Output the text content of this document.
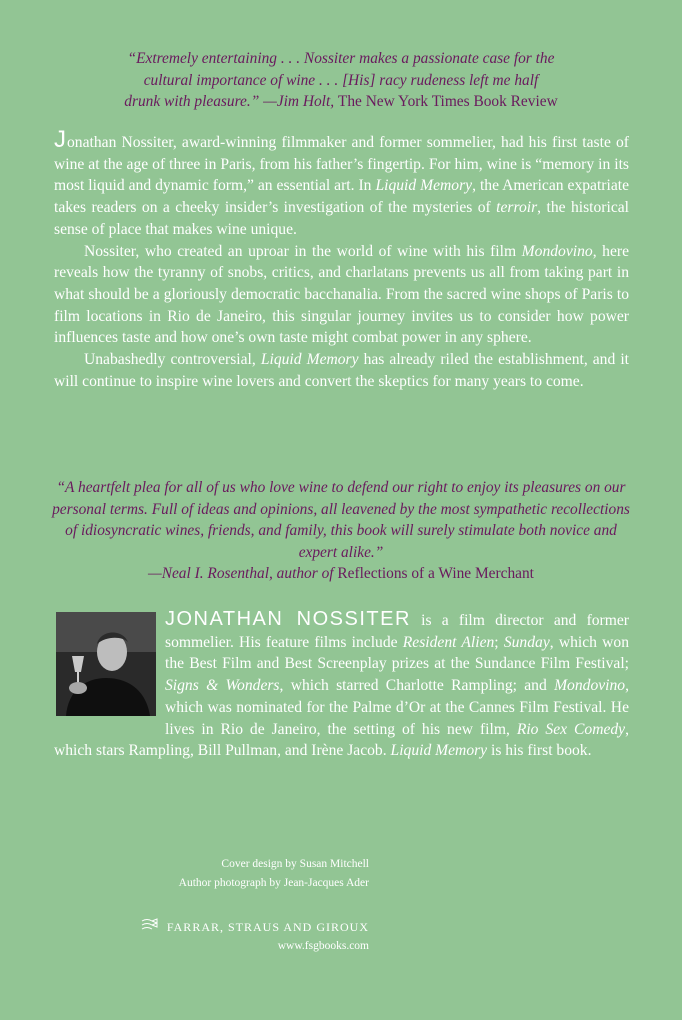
“Extremely entertaining . . . Nossiter makes a passionate case for the
cultural importance of wine . . . [His] racy rudeness left me half
drunk with pleasure.” —Jim Holt, The New York Times Book Review

Jonathan Nossiter, award-winning filmmaker and former sommelier, had his first taste of wine at the age of three in Paris, from his father’s fingertip. For him, wine is “memory in its most liquid and dynamic form,” an essential art. In Liquid Memory, the American expatriate takes readers on a cheeky insider’s investigation of the mysteries of terroir, the historical sense of place that makes wine unique.

Nossiter, who created an uproar in the world of wine with his film Mondovino, here reveals how the tyranny of snobs, critics, and charlatans prevents us all from taking part in what should be a gloriously democratic bacchanalia. From the sacred wine shops of Paris to film locations in Rio de Janeiro, this singular journey invites us to consider how power influences taste and how one’s own taste might combat power in any sphere.

Unabashedly controversial, Liquid Memory has already riled the establishment, and it will continue to inspire wine lovers and convert the skeptics for many years to come.

“A heartfelt plea for all of us who love wine to defend our right to enjoy its pleasures on our personal terms. Full of ideas and opinions, all leavened by the most sympathetic recollections of idiosyncratic wines, friends, and family, this book will surely stimulate both novice and expert alike.”
—Neal I. Rosenthal, author of Reflections of a Wine Merchant

JONATHAN NOSSITER is a film director and former sommelier. His feature films include Resident Alien; Sunday, which won the Best Film and Best Screenplay prizes at the Sundance Film Festival; Signs & Wonders, which starred Charlotte Rampling; and Mondovino, which was nominated for the Palme d’Or at the Cannes Film Festival. He lives in Rio de Janeiro, the setting of his new film, Rio Sex Comedy, which stars Rampling, Bill Pullman, and Irène Jacob. Liquid Memory is his first book.

Cover design by Susan Mitchell
Author photograph by Jean-Jacques Ader
FARRAR, STRAUS AND GIROUX
www.fsgbooks.com
